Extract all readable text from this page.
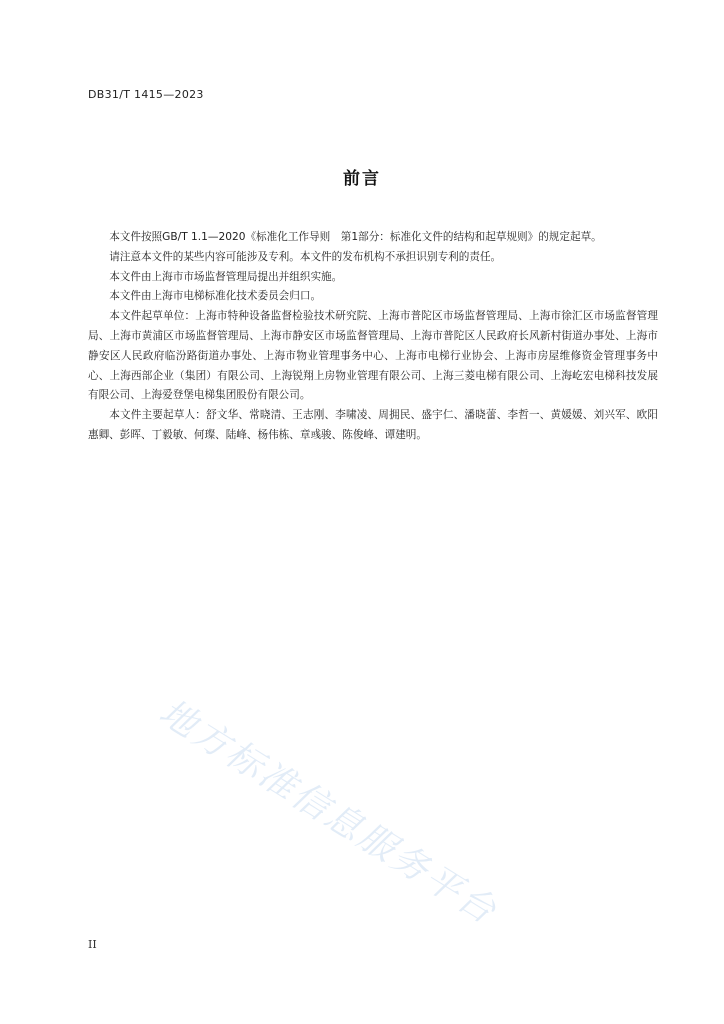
DB31/T 1415—2023
前言

本文件按照GB/T 1.1—2020《标准化工作导则　第1部分：标准化文件的结构和起草规则》的规定起草。

请注意本文件的某些内容可能涉及专利。本文件的发布机构不承担识别专利的责任。

本文件由上海市市场监督管理局提出并组织实施。

本文件由上海市电梯标准化技术委员会归口。

本文件起草单位：上海市特种设备监督检验技术研究院、上海市普陀区市场监督管理局、上海市徐汇区市场监督管理局、上海市黄浦区市场监督管理局、上海市静安区市场监督管理局、上海市普陀区人民政府长风新村街道办事处、上海市静安区人民政府临汾路街道办事处、上海市物业管理事务中心、上海市电梯行业协会、上海市房屋维修资金管理事务中心、上海西部企业（集团）有限公司、上海锐翔上房物业管理有限公司、上海三菱电梯有限公司、上海屹宏电梯科技发展有限公司、上海爱登堡电梯集团股份有限公司。

本文件主要起草人：舒文华、常晓清、王志刚、李啸凌、周拥民、盛宇仁、潘晓蕾、李哲一、黄媛媛、刘兴军、欧阳惠卿、彭晖、丁毅敏、何璨、陆峰、杨伟栋、章彧骏、陈俊峰、谭建明。

地方标准信息服务平台
II
